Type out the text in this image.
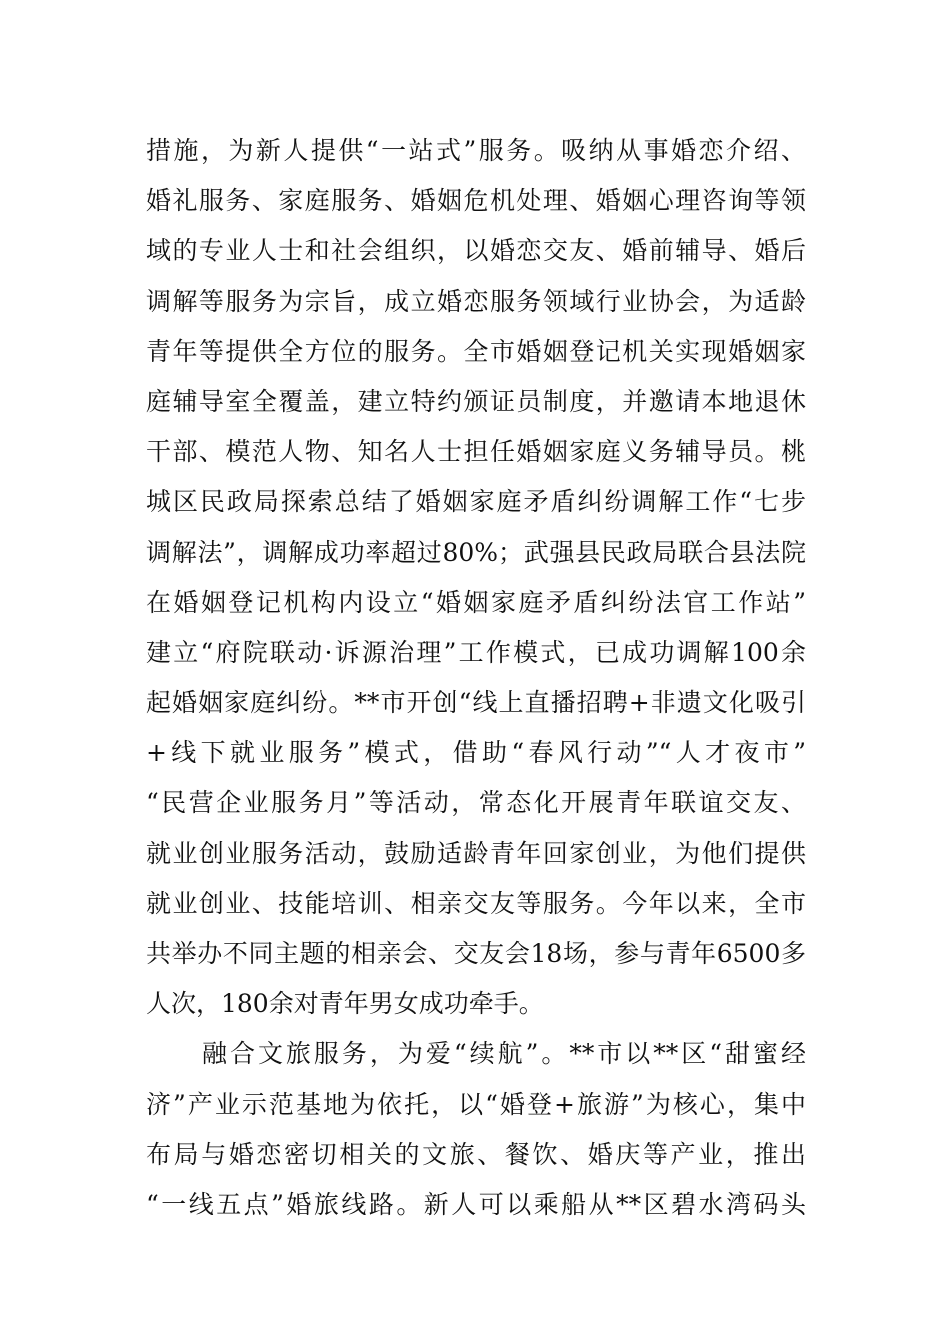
措施，为新人提供“一站式”服务。吸纳从事婚恋介绍、
婚礼服务、家庭服务、婚姻危机处理、婚姻心理咨询等领
域的专业人士和社会组织，以婚恋交友、婚前辅导、婚后
调解等服务为宗旨，成立婚恋服务领域行业协会，为适龄
青年等提供全方位的服务。全市婚姻登记机关实现婚姻家
庭辅导室全覆盖，建立特约颁证员制度，并邀请本地退休
干部、模范人物、知名人士担任婚姻家庭义务辅导员。桃
城区民政局探索总结了婚姻家庭矛盾纠纷调解工作“七步
调解法”，调解成功率超过80%；武强县民政局联合县法院
在婚姻登记机构内设立“婚姻家庭矛盾纠纷法官工作站”
建立“府院联动·诉源治理”工作模式，已成功调解100余
起婚姻家庭纠纷。**市开创“线上直播招聘+非遗文化吸引
+线下就业服务”模式，借助“春风行动”“人才夜市”
“民营企业服务月”等活动，常态化开展青年联谊交友、
就业创业服务活动，鼓励适龄青年回家创业，为他们提供
就业创业、技能培训、相亲交友等服务。今年以来，全市
共举办不同主题的相亲会、交友会18场，参与青年6500多
人次，180余对青年男女成功牵手。
　　融合文旅服务，为爱“续航”。**市以**区“甜蜜经
济”产业示范基地为依托，以“婚登+旅游”为核心，集中
布局与婚恋密切相关的文旅、餐饮、婚庆等产业，推出
“一线五点”婚旅线路。新人可以乘船从**区碧水湾码头
